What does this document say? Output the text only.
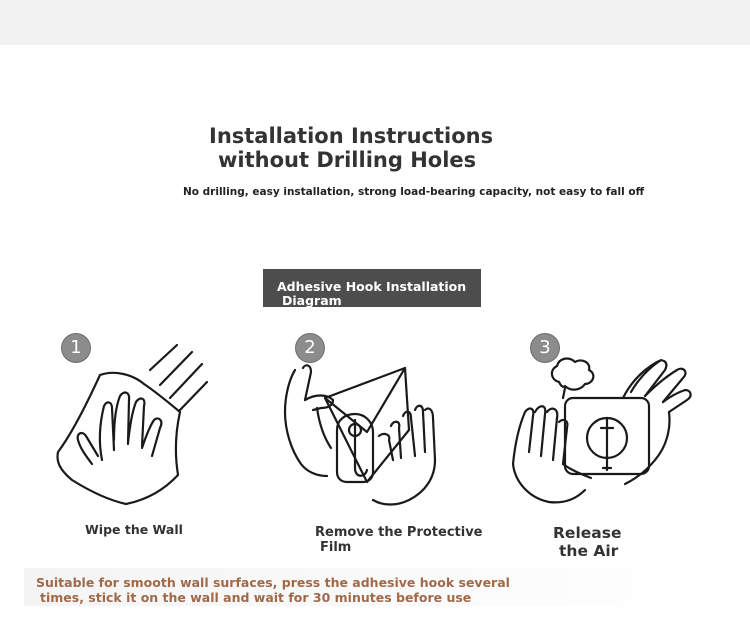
Installation Instructions
without Drilling Holes
No drilling, easy installation, strong load-bearing capacity, not easy to fall off
Adhesive Hook Installation
Diagram
1
Wipe the Wall
2
Remove the Protective
Film
3
Release
the Air
Suitable for smooth wall surfaces, press the adhesive hook several
times, stick it on the wall and wait for 30 minutes before use
